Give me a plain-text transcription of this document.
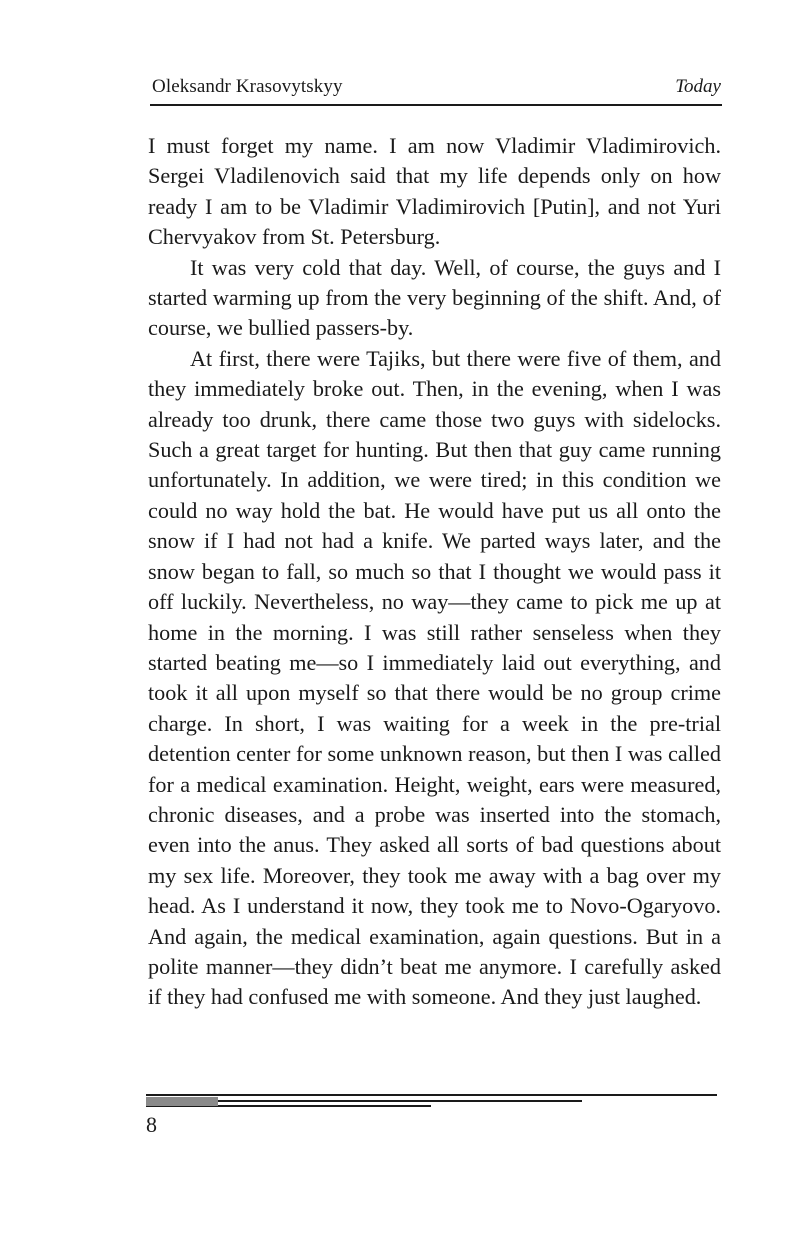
Oleksandr Krasovytskyy	Today

I must forget my name. I am now Vladimir Vladimirovich. Sergei Vladilenovich said that my life depends only on how ready I am to be Vladimir Vladimirovich [Putin], and not Yuri Chervyakov from St. Petersburg.

It was very cold that day. Well, of course, the guys and I started warming up from the very beginning of the shift. And, of course, we bullied passers-by.

At first, there were Tajiks, but there were five of them, and they immediately broke out. Then, in the evening, when I was already too drunk, there came those two guys with sidelocks. Such a great target for hunting. But then that guy came running unfortunately. In addition, we were tired; in this condition we could no way hold the bat. He would have put us all onto the snow if I had not had a knife. We parted ways later, and the snow began to fall, so much so that I thought we would pass it off luckily. Nevertheless, no way—they came to pick me up at home in the morning. I was still rather senseless when they started beating me—so I immediately laid out everything, and took it all upon myself so that there would be no group crime charge. In short, I was waiting for a week in the pre-trial detention center for some unknown reason, but then I was called for a medical examination. Height, weight, ears were measured, chronic diseases, and a probe was inserted into the stomach, even into the anus. They asked all sorts of bad questions about my sex life. Moreover, they took me away with a bag over my head. As I understand it now, they took me to Novo-Ogaryovo. And again, the medical examination, again questions. But in a polite manner—they didn’t beat me anymore. I carefully asked if they had confused me with someone. And they just laughed.

8
